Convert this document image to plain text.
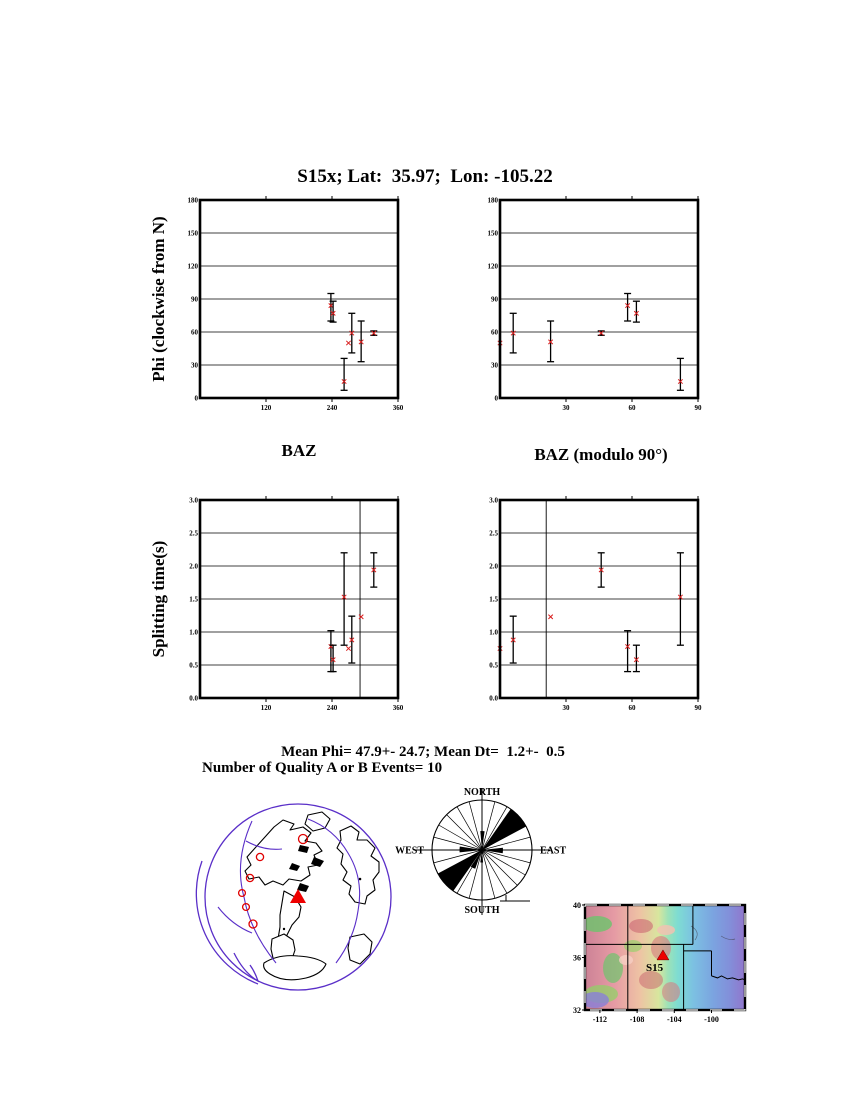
S15x; Lat:  35.97;  Lon: -105.22
Phi (clockwise from N)
Splitting time(s)
BAZ	BAZ (modulo 90°)
0
30
60
90
120
150
180
120	240	360
0
30
60
90
120
150
180
30	60	90
0.0
0.5
1.0
1.5
2.0
2.5
3.0
120	240	360
0.0
0.5
1.0
1.5
2.0
2.5
3.0
30	60	90
Mean Phi= 47.9+- 24.7; Mean Dt=  1.2+-  0.5
Number of Quality A or B Events= 10
NORTH
SOUTH
EAST
WEST
-112	-108	-104	-100
40
36
32
S15
